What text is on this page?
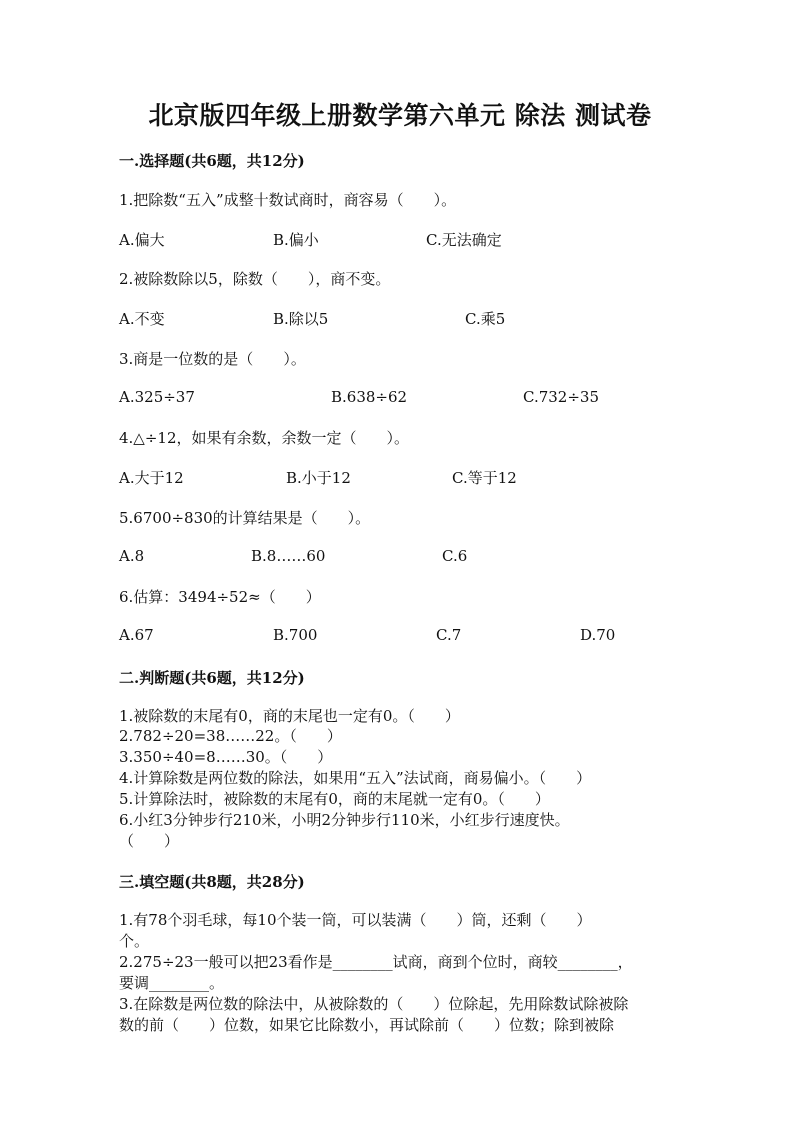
北京版四年级上册数学第六单元 除法 测试卷
一.选择题(共6题，共12分)
1.把除数“五入”成整十数试商时，商容易（　　）。
A.偏大	B.偏小	C.无法确定
2.被除数除以5，除数（　　），商不变。
A.不变	B.除以5	C.乘5
3.商是一位数的是（　　）。
A.325÷37	B.638÷62	C.732÷35
4.△÷12，如果有余数，余数一定（　　）。
A.大于12	B.小于12	C.等于12
5.6700÷830的计算结果是（　　）。
A.8	B.8……60	C.6
6.估算：3494÷52≈（　　）
A.67	B.700	C.7	D.70
二.判断题(共6题，共12分)
1.被除数的末尾有0，商的末尾也一定有0。（　　）
2.782÷20=38……22。（　　）
3.350÷40=8……30。（　　）
4.计算除数是两位数的除法，如果用“五入”法试商，商易偏小。（　　）
5.计算除法时，被除数的末尾有0，商的末尾就一定有0。（　　）
6.小红3分钟步行210米，小明2分钟步行110米，小红步行速度快。
（　　）
三.填空题(共8题，共28分)
1.有78个羽毛球，每10个装一筒，可以装满（　　）筒，还剩（　　）
个。
2.275÷23一般可以把23看作是________试商，商到个位时，商较________，
要调________。
3.在除数是两位数的除法中，从被除数的（　　）位除起，先用除数试除被除
数的前（　　）位数，如果它比除数小，再试除前（　　）位数；除到被除
